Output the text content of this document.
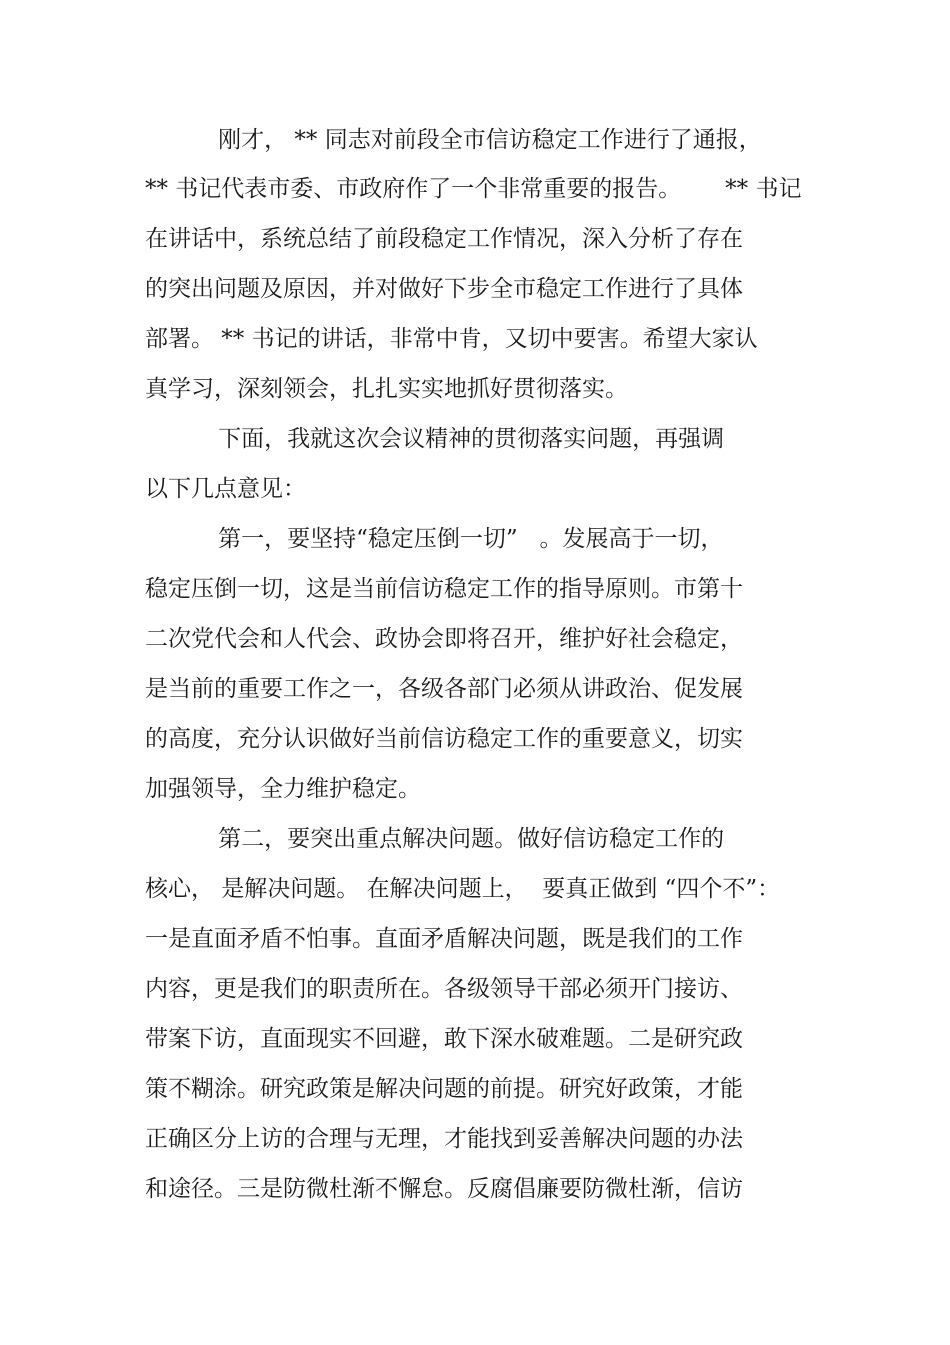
刚才， ** 同志对前段全市信访稳定工作进行了通报，
** 书记代表市委、市政府作了一个非常重要的报告。      ** 书记
在讲话中，系统总结了前段稳定工作情况，深入分析了存在
的突出问题及原因，并对做好下步全市稳定工作进行了具体
部署。 ** 书记的讲话，非常中肯，又切中要害。希望大家认
真学习，深刻领会，扎扎实实地抓好贯彻落实。
下面，我就这次会议精神的贯彻落实问题，再强调
以下几点意见：
第一，要坚持“稳定压倒一切”   。发展高于一切，
稳定压倒一切，这是当前信访稳定工作的指导原则。市第十
二次党代会和人代会、政协会即将召开，维护好社会稳定，
是当前的重要工作之一，各级各部门必须从讲政治、促发展
的高度，充分认识做好当前信访稳定工作的重要意义，切实
加强领导，全力维护稳定。
第二，要突出重点解决问题。做好信访稳定工作的
核心， 是解决问题。 在解决问题上，  要真正做到 “四个不”：
一是直面矛盾不怕事。直面矛盾解决问题，既是我们的工作
内容，更是我们的职责所在。各级领导干部必须开门接访、
带案下访，直面现实不回避，敢下深水破难题。二是研究政
策不糊涂。研究政策是解决问题的前提。研究好政策，才能
正确区分上访的合理与无理，才能找到妥善解决问题的办法
和途径。三是防微杜渐不懈怠。反腐倡廉要防微杜渐，信访
